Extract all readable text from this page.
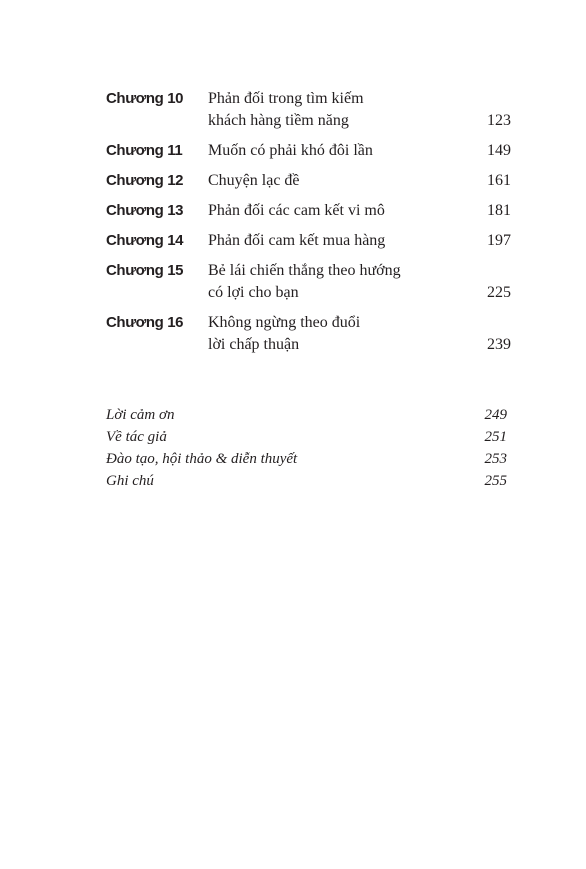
Chương 10	Phản đối trong tìm kiếm
khách hàng tiềm năng	123
Chương 11	Muốn có phải khó đôi lần	149
Chương 12	Chuyện lạc đề	161
Chương 13	Phản đối các cam kết vi mô	181
Chương 14	Phản đối cam kết mua hàng	197
Chương 15	Bẻ lái chiến thắng theo hướng
có lợi cho bạn	225
Chương 16	Không ngừng theo đuổi
lời chấp thuận	239
Lời cảm ơn	249
Về tác giả	251
Đào tạo, hội thảo & diễn thuyết	253
Ghi chú	255
